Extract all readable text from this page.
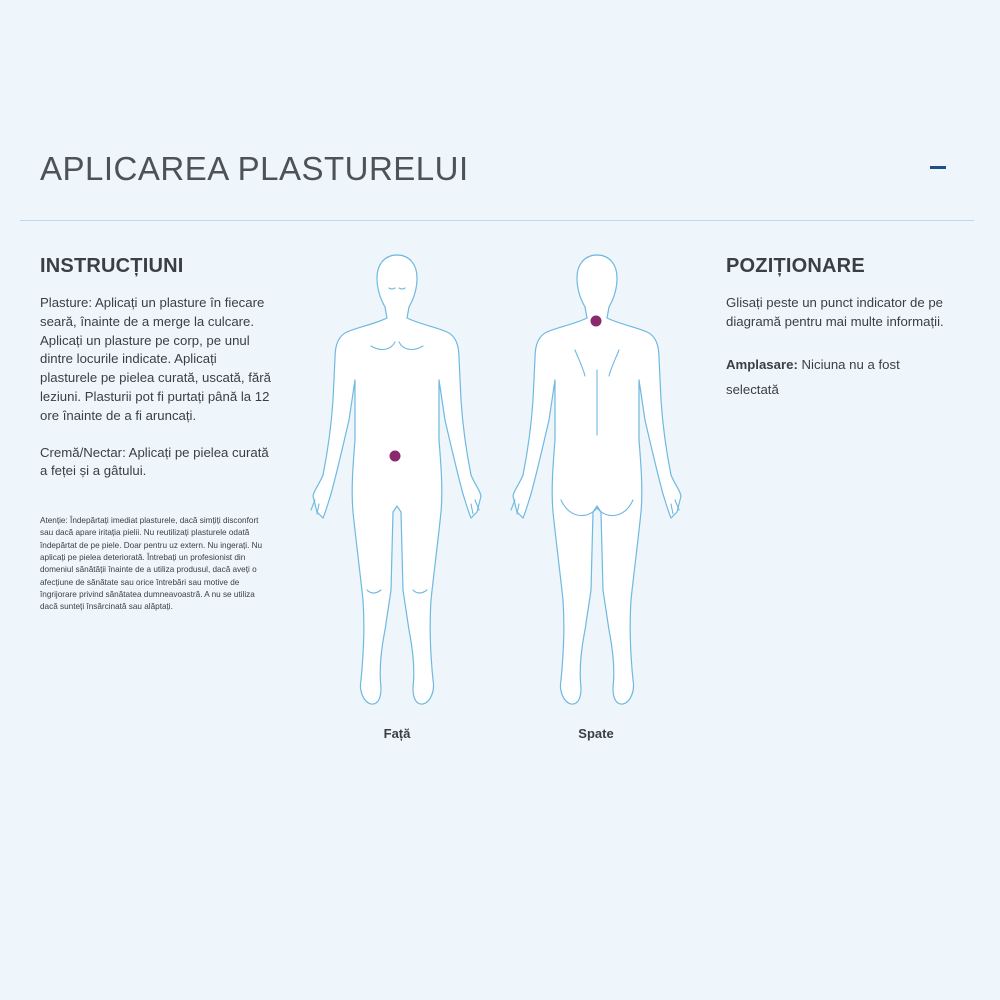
APLICAREA PLASTURELUI
INSTRUCȚIUNI

Plasture: Aplicați un plasture în fiecare seară, înainte de a merge la culcare. Aplicați un plasture pe corp, pe unul dintre locurile indicate. Aplicați plasturele pe pielea curată, uscată, fără leziuni. Plasturii pot fi purtați până la 12 ore înainte de a fi aruncați.

Cremă/Nectar: Aplicați pe pielea curată a feței și a gâtului.

Atenție: Îndepărtați imediat plasturele, dacă simțiți disconfort sau dacă apare iritația pielii. Nu reutilizați plasturele odată îndepărtat de pe piele. Doar pentru uz extern. Nu ingerați. Nu aplicați pe pielea deteriorată. Întrebați un profesionist din domeniul sănătății înainte de a utiliza produsul, dacă aveți o afecțiune de sănătate sau orice întrebări sau motive de îngrijorare privind sănătatea dumneavoastră. A nu se utiliza dacă sunteți însărcinată sau alăptați.

Față	Spate
POZIȚIONARE

Glisați peste un punct indicator de pe diagramă pentru mai multe informații.

Amplasare: Niciuna nu a fost selectată
